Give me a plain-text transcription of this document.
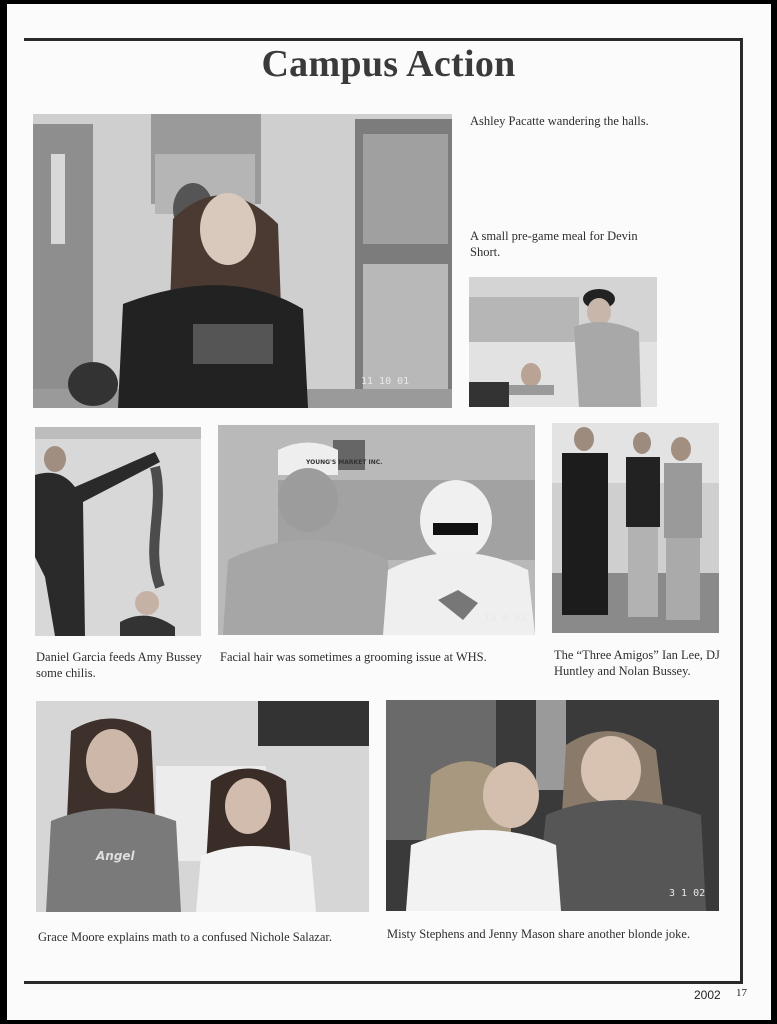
Campus Action
11 10 01
Ashley Pacatte wandering the halls.
A small pre-game meal for Devin Short.
YOUNG'S MARKET INC.
13 9 01
Daniel Garcia feeds Amy Bussey some chilis.
Facial hair was sometimes a grooming issue at WHS.	The “Three Amigos” Ian Lee, DJ Huntley and Nolan Bussey.
Angel
3 1 02
Grace Moore explains math to a confused Nichole Salazar.	Misty Stephens and Jenny Mason share another blonde joke.
2002 17
